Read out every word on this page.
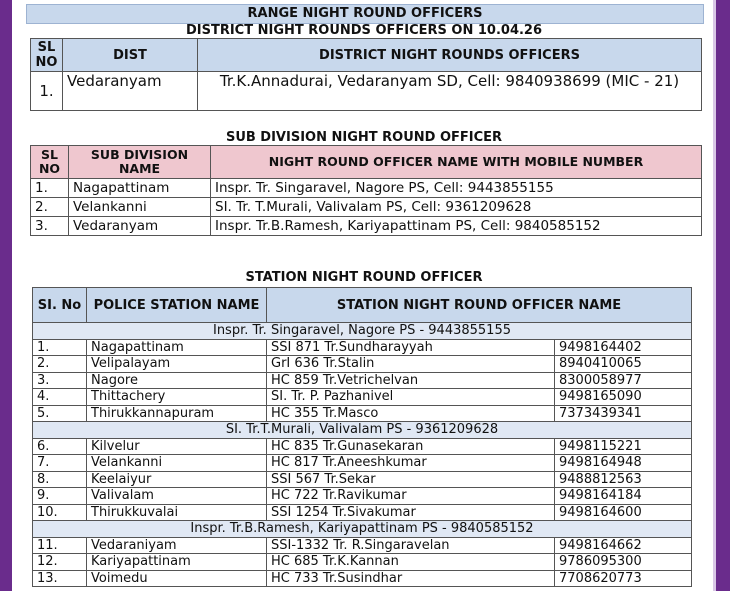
RANGE NIGHT ROUND OFFICERS
DISTRICT NIGHT ROUNDS OFFICERS ON 10.04.26
SL NO	DIST	DISTRICT NIGHT ROUNDS OFFICERS
1.	Vedaranyam	Tr.K.Annadurai, Vedaranyam SD, Cell: 9840938699 (MIC - 21)
SUB DIVISION NIGHT ROUND OFFICER
SL NO	SUB DIVISION NAME	NIGHT ROUND OFFICER NAME WITH MOBILE NUMBER
1.	Nagapattinam	Inspr. Tr. Singaravel, Nagore PS, Cell: 9443855155
2.	Velankanni	SI. Tr. T.Murali, Valivalam PS, Cell: 9361209628
3.	Vedaranyam	Inspr. Tr.B.Ramesh, Kariyapattinam PS, Cell: 9840585152
STATION NIGHT ROUND OFFICER
SI. No	POLICE STATION NAME	STATION NIGHT ROUND OFFICER NAME	
Inspr. Tr. Singaravel, Nagore PS - 9443855155			
1.	Nagapattinam	SSI 871 Tr.Sundharayyah	9498164402
2.	Velipalayam	GrI 636 Tr.Stalin	8940410065
3.	Nagore	HC 859 Tr.Vetrichelvan	8300058977
4.	Thittachery	SI. Tr. P. Pazhanivel	9498165090
5.	Thirukkannapuram	HC 355 Tr.Masco	7373439341
SI. Tr.T.Murali, Valivalam PS - 9361209628			
6.	Kilvelur	HC 835 Tr.Gunasekaran	9498115221
7.	Velankanni	HC 817 Tr.Aneeshkumar	9498164948
8.	Keelaiyur	SSI 567 Tr.Sekar	9488812563
9.	Valivalam	HC 722 Tr.Ravikumar	9498164184
10.	Thirukkuvalai	SSI 1254 Tr.Sivakumar	9498164600
Inspr. Tr.B.Ramesh, Kariyapattinam PS - 9840585152			
11.	Vedaraniyam	SSI-1332 Tr. R.Singaravelan	9498164662
12.	Kariyapattinam	HC 685 Tr.K.Kannan	9786095300
13.	Voimedu	HC 733 Tr.Susindhar	7708620773
